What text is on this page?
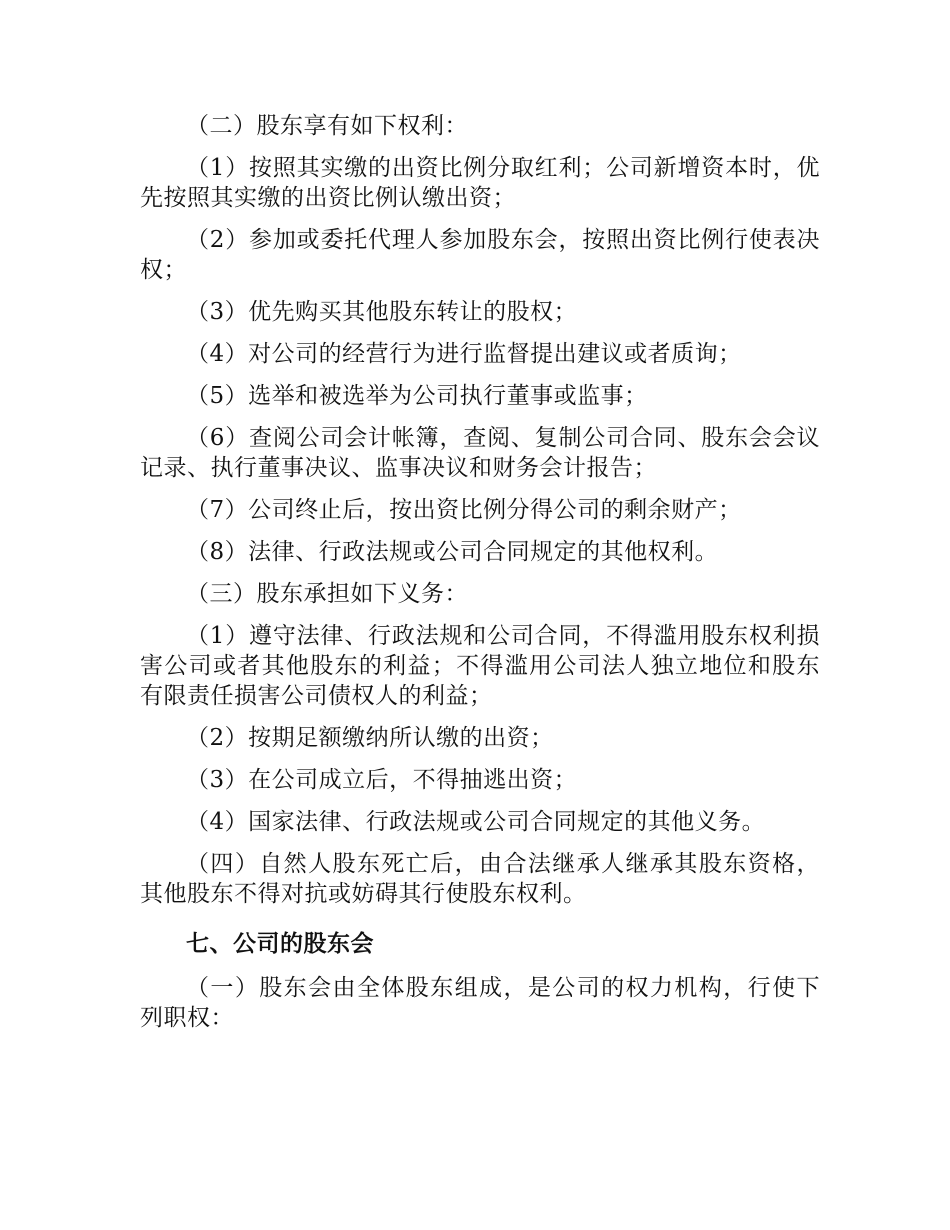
（二）股东享有如下权利：

（1）按照其实缴的出资比例分取红利；公司新增资本时，优先按照其实缴的出资比例认缴出资；

（2）参加或委托代理人参加股东会，按照出资比例行使表决权；

（3）优先购买其他股东转让的股权；

（4）对公司的经营行为进行监督提出建议或者质询；

（5）选举和被选举为公司执行董事或监事；

（6）查阅公司会计帐簿，查阅、复制公司合同、股东会会议记录、执行董事决议、监事决议和财务会计报告；

（7）公司终止后，按出资比例分得公司的剩余财产；

（8）法律、行政法规或公司合同规定的其他权利。

（三）股东承担如下义务：

（1）遵守法律、行政法规和公司合同，不得滥用股东权利损害公司或者其他股东的利益；不得滥用公司法人独立地位和股东有限责任损害公司债权人的利益；

（2）按期足额缴纳所认缴的出资；

（3）在公司成立后，不得抽逃出资；

（4）国家法律、行政法规或公司合同规定的其他义务。

（四）自然人股东死亡后，由合法继承人继承其股东资格，其他股东不得对抗或妨碍其行使股东权利。

七、公司的股东会

（一）股东会由全体股东组成，是公司的权力机构，行使下列职权：
